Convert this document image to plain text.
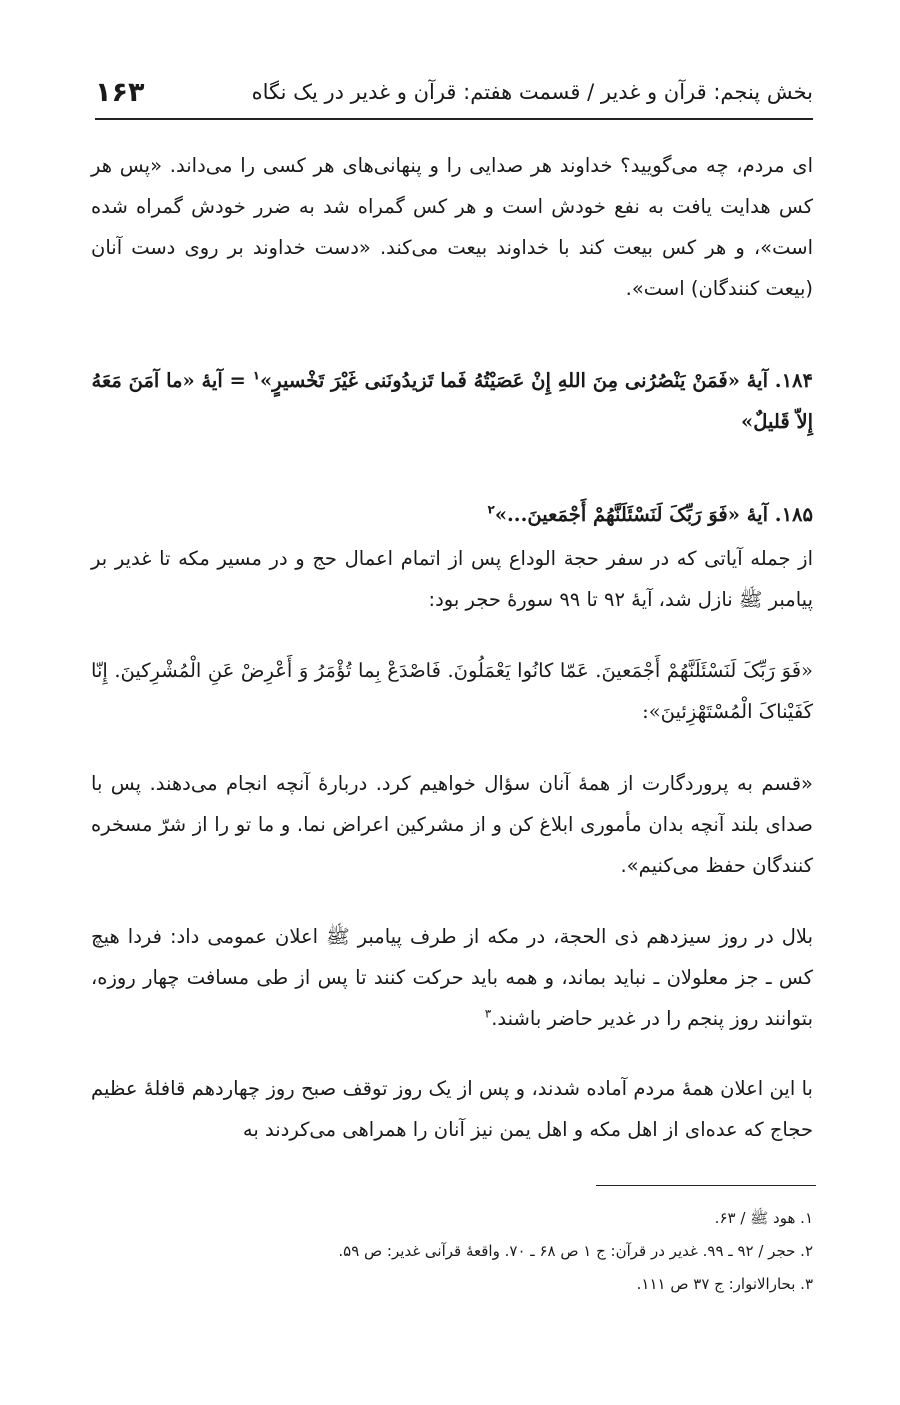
بخش پنجم: قرآن و غدیر / قسمت هفتم: قرآن و غدیر در یک نگاه
۱۶۳

ای مردم، چه می‌گویید؟ خداوند هر صدایی را و پنهانی‌های هر کسی را می‌داند. «پس هر کس هدایت یافت به نفع خودش است و هر کس گمراه شد به ضرر خودش گمراه شده است»، و هر کس بیعت کند با خداوند بیعت می‌کند. «دست خداوند بر روی دست آنان (بیعت کنندگان) است».

۱۸۴. آیهٔ «فَمَنْ یَنْصُرُنی مِنَ اللهِ إِنْ عَصَیْتُهُ فَما تَزیدُونَنی غَیْرَ تَخْسیرٍ»$^۱$ = آیهٔ «ما آمَنَ مَعَهُ إِلاّ قَلیلٌ»

۱۸۵. آیهٔ «فَوَ رَبِّکَ لَنَسْئَلَنَّهُمْ أَجْمَعینَ...»$^۲$

از جمله آیاتی که در سفر حجة الوداع پس از اتمام اعمال حج و در مسیر مکه تا غدیر بر پیامبر ﷺ نازل شد، آیهٔ ۹۲ تا ۹۹ سورهٔ حجر بود:

«فَوَ رَبِّکَ لَنَسْئَلَنَّهُمْ أَجْمَعینَ. عَمّا کانُوا یَعْمَلُونَ. فَاصْدَعْ بِما تُؤْمَرُ وَ أَعْرِضْ عَنِ الْمُشْرِکینَ. إِنّا کَفَیْناکَ الْمُسْتَهْزِئینَ»:

«قسم به پروردگارت از همهٔ آنان سؤال خواهیم کرد. دربارهٔ آنچه انجام می‌دهند. پس با صدای بلند آنچه بدان مأموری ابلاغ کن و از مشرکین اعراض نما. و ما تو را از شرّ مسخره کنندگان حفظ می‌کنیم».

بلال در روز سیزدهم ذی الحجة، در مکه از طرف پیامبر ﷺ اعلان عمومی داد: فردا هیچ کس ـ جز معلولان ـ نباید بماند، و همه باید حرکت کنند تا پس از طی مسافت چهار روزه، بتوانند روز پنجم را در غدیر حاضر باشند.$^۳$

با این اعلان همهٔ مردم آماده شدند، و پس از یک روز توقف صبح روز چهاردهم قافلهٔ عظیم حجاج که عده‌ای از اهل مکه و اهل یمن نیز آنان را همراهی می‌کردند به

۱. هود ﷺ / ۶۳.
۲. حجر / ۹۲ ـ ۹۹. غدیر در قرآن: ج ۱ ص ۶۸ ـ ۷۰. واقعهٔ قرآنی غدیر: ص ۵۹.
۳. بحارالانوار: ج ۳۷ ص ۱۱۱.
